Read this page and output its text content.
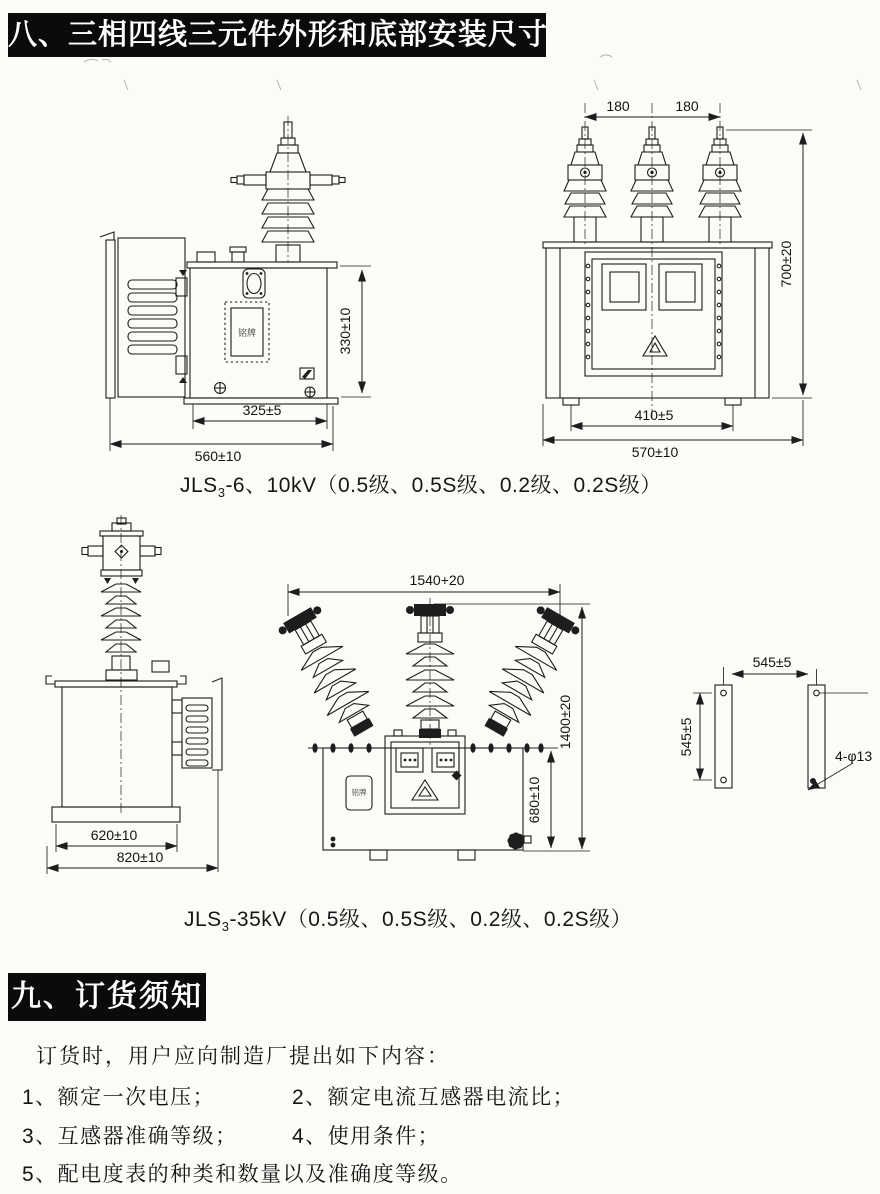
铭牌	330±10
325±5
560±10
180	180
700±20
410±5
570±10
620±10
820±10
1540+20
铭牌
1400±20
680±10
545±5
545±5	4-φ13
八、三相四线三元件外形和底部安装尺寸
$JLS_3-6$、10kV（0.5级、0.5S级、0.2级、0.2S级）
$JLS_3-35kV(0.5$级、0.5S级、0.2级、0.2S级）
九、订货须知
订货时，用户应向制造厂提出如下内容：
1、额定一次电压；	2、额定电流互感器电流比；
3、互感器准确等级；	4、使用条件；
5、配电度表的种类和数量以及准确度等级。
